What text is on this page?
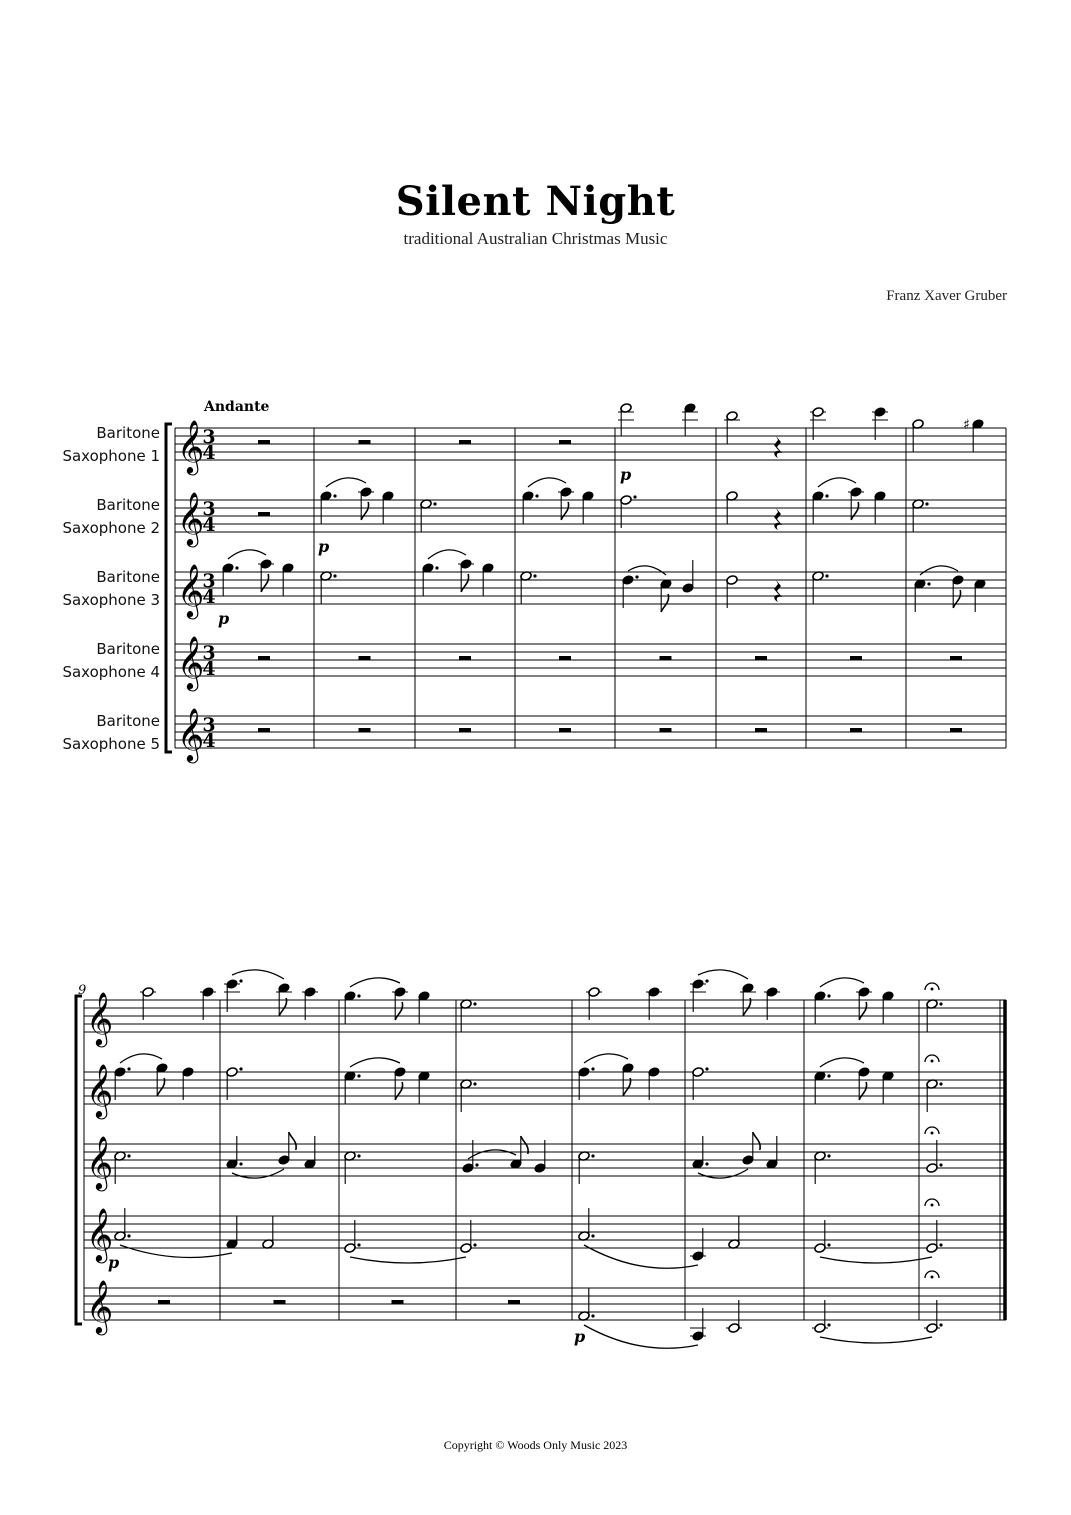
Silent Night
traditional Australian Christmas Music
Franz Xaver Gruber
Andante
Baritone
Saxophone 1
Baritone
Saxophone 2
Baritone
Saxophone 3
Baritone
Saxophone 4
Baritone
Saxophone 5
9
Copyright © Woods Only Music 2023
𝄞
3
4
𝄞
3
4
𝄞
3
4
𝄞
3
4
𝄞
3
4
♯
p
p
p
𝄞
𝄞
𝄞
𝄞
𝄞
p
p
